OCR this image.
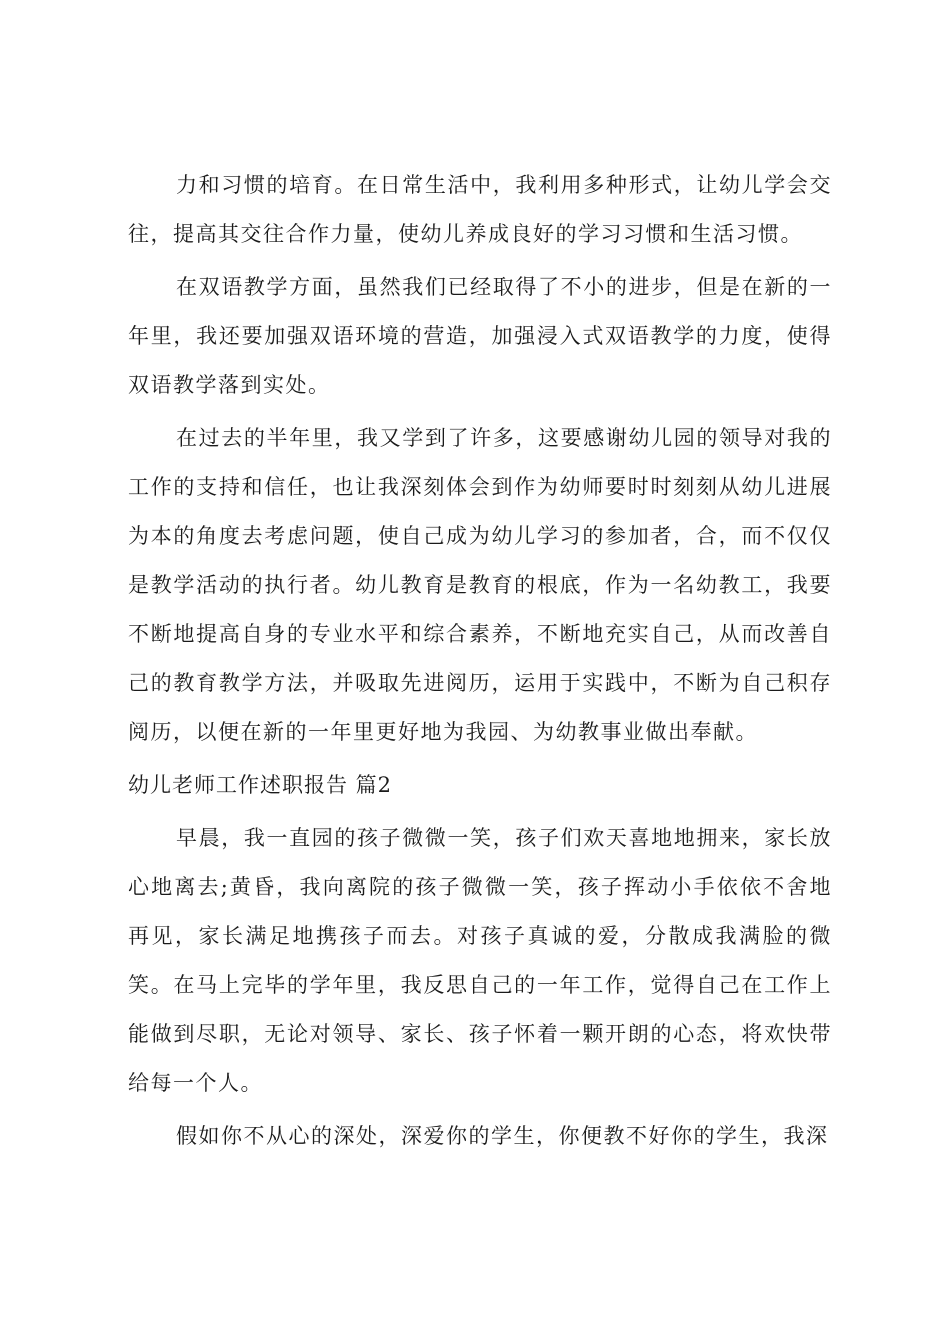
力和习惯的培育。在日常生活中，我利用多种形式，让幼儿学会交往，提高其交往合作力量，使幼儿养成良好的学习习惯和生活习惯。

在双语教学方面，虽然我们已经取得了不小的进步，但是在新的一年里，我还要加强双语环境的营造，加强浸入式双语教学的力度，使得双语教学落到实处。

在过去的半年里，我又学到了许多，这要感谢幼儿园的领导对我的工作的支持和信任，也让我深刻体会到作为幼师要时时刻刻从幼儿进展为本的角度去考虑问题，使自己成为幼儿学习的参加者，合，而不仅仅是教学活动的执行者。幼儿教育是教育的根底，作为一名幼教工，我要不断地提高自身的专业水平和综合素养，不断地充实自己，从而改善自己的教育教学方法，并吸取先进阅历，运用于实践中，不断为自己积存阅历，以便在新的一年里更好地为我园、为幼教事业做出奉献。

幼儿老师工作述职报告 篇2

早晨，我一直园的孩子微微一笑，孩子们欢天喜地地拥来，家长放心地离去;黄昏，我向离院的孩子微微一笑，孩子挥动小手依依不舍地再见，家长满足地携孩子而去。对孩子真诚的爱，分散成我满脸的微笑。在马上完毕的学年里，我反思自己的一年工作，觉得自己在工作上能做到尽职，无论对领导、家长、孩子怀着一颗开朗的心态，将欢快带给每一个人。

假如你不从心的深处，深爱你的学生，你便教不好你的学生，我深
